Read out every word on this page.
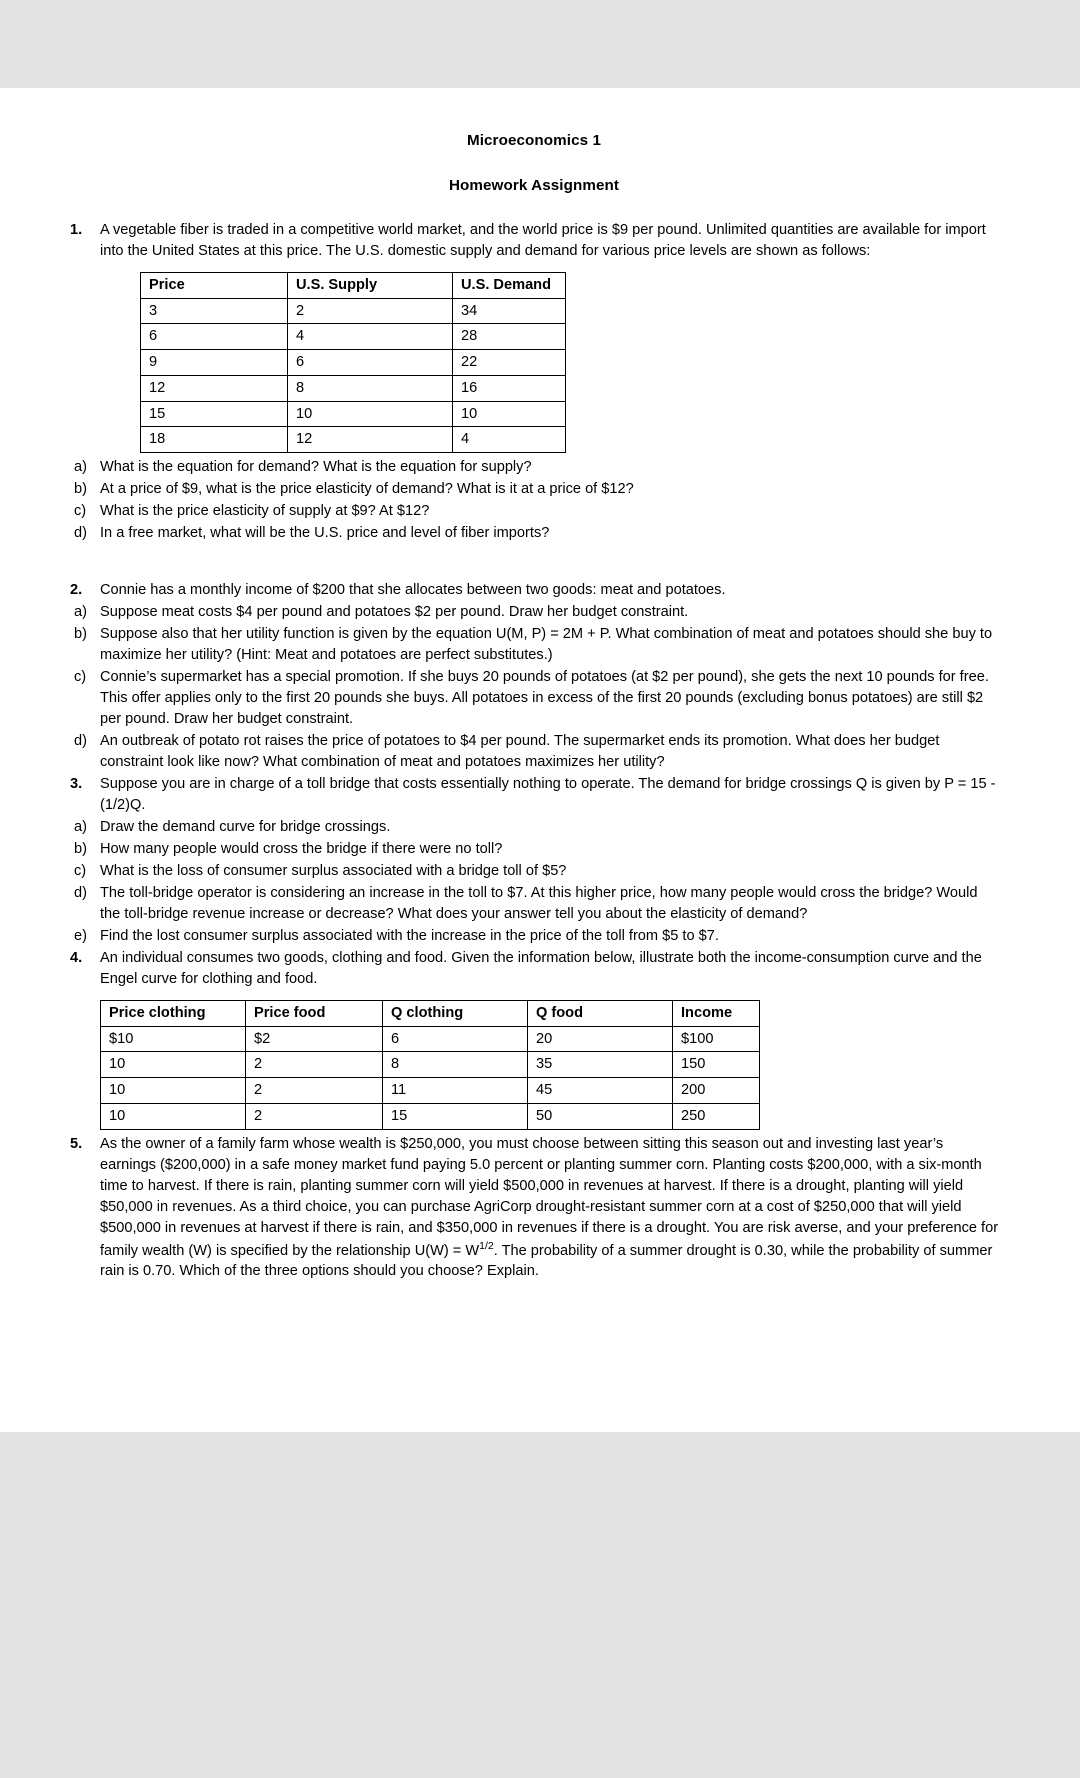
Microeconomics 1
Homework Assignment
1.	A vegetable fiber is traded in a competitive world market, and the world price is $9 per pound. Unlimited quantities are available for import into the United States at this price. The U.S. domestic supply and demand for various price levels are shown as follows:
Price	U.S. Supply	U.S. Demand
3	2	34
6	4	28
9	6	22
12	8	16
15	10	10
18	12	4
a) What is the equation for demand? What is the equation for supply?
b) At a price of $9, what is the price elasticity of demand? What is it at a price of $12?
c) What is the price elasticity of supply at $9? At $12?
d) In a free market, what will be the U.S. price and level of fiber imports?
2.	Connie has a monthly income of $200 that she allocates between two goods: meat and potatoes.
a) Suppose meat costs $4 per pound and potatoes $2 per pound. Draw her budget constraint.
b) Suppose also that her utility function is given by the equation U(M, P) = 2M + P. What combination of meat and potatoes should she buy to maximize her utility? (Hint: Meat and potatoes are perfect substitutes.)
c) Connie’s supermarket has a special promotion. If she buys 20 pounds of potatoes (at $2 per pound), she gets the next 10 pounds for free. This offer applies only to the first 20 pounds she buys. All potatoes in excess of the first 20 pounds (excluding bonus potatoes) are still $2 per pound. Draw her budget constraint.
d) An outbreak of potato rot raises the price of potatoes to $4 per pound. The supermarket ends its promotion. What does her budget constraint look like now? What combination of meat and potatoes maximizes her utility?
3.	Suppose you are in charge of a toll bridge that costs essentially nothing to operate. The demand for bridge crossings Q is given by P = 15 - (1/2)Q.
a) Draw the demand curve for bridge crossings.
b) How many people would cross the bridge if there were no toll?
c) What is the loss of consumer surplus associated with a bridge toll of $5?
d) The toll-bridge operator is considering an increase in the toll to $7. At this higher price, how many people would cross the bridge? Would the toll-bridge revenue increase or decrease? What does your answer tell you about the elasticity of demand?
e) Find the lost consumer surplus associated with the increase in the price of the toll from $5 to $7.
4.	An individual consumes two goods, clothing and food. Given the information below, illustrate both the income-consumption curve and the Engel curve for clothing and food.
Price clothing	Price food	Q clothing	Q food	Income
$10	$2	6	20	$100
10	2	8	35	150
10	2	11	45	200
10	2	15	50	250
5.	As the owner of a family farm whose wealth is $250,000, you must choose between sitting this season out and investing last year’s earnings ($200,000) in a safe money market fund paying 5.0 percent or planting summer corn. Planting costs $200,000, with a six-month time to harvest. If there is rain, planting summer corn will yield $500,000 in revenues at harvest. If there is a drought, planting will yield $50,000 in revenues. As a third choice, you can purchase AgriCorp drought-resistant summer corn at a cost of $250,000 that will yield $500,000 in revenues at harvest if there is rain, and $350,000 in revenues if there is a drought. You are risk averse, and your preference for family wealth (W) is specified by the relationship $U(W) = W^{1/2}$. The probability of a summer drought is 0.30, while the probability of summer rain is 0.70. Which of the three options should you choose? Explain.
